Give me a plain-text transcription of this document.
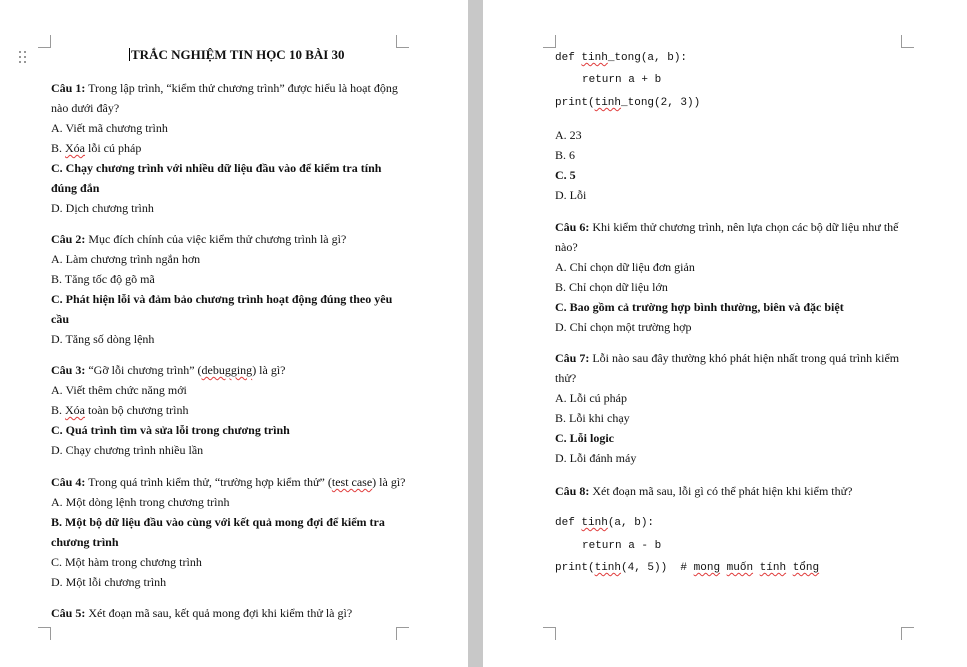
TRẮC NGHIỆM TIN HỌC 10 BÀI 30
Câu 1: Trong lập trình, “kiểm thử chương trình” được hiểu là hoạt động
nào dưới đây?
A. Viết mã chương trình
B. Xóa lỗi cú pháp
C. Chạy chương trình với nhiều dữ liệu đầu vào để kiểm tra tính
đúng đắn
D. Dịch chương trình
Câu 2: Mục đích chính của việc kiểm thử chương trình là gì?
A. Làm chương trình ngắn hơn
B. Tăng tốc độ gõ mã
C. Phát hiện lỗi và đảm bảo chương trình hoạt động đúng theo yêu
cầu
D. Tăng số dòng lệnh
Câu 3: “Gỡ lỗi chương trình” (debugging) là gì?
A. Viết thêm chức năng mới
B. Xóa toàn bộ chương trình
C. Quá trình tìm và sửa lỗi trong chương trình
D. Chạy chương trình nhiều lần
Câu 4: Trong quá trình kiểm thử, “trường hợp kiểm thử” (test case) là gì?
A. Một dòng lệnh trong chương trình
B. Một bộ dữ liệu đầu vào cùng với kết quả mong đợi để kiểm tra
chương trình
C. Một hàm trong chương trình
D. Một lỗi chương trình
Câu 5: Xét đoạn mã sau, kết quả mong đợi khi kiểm thử là gì?
def tinh_tong(a, b):
return a + b
print(tinh_tong(2, 3))
A. 23
B. 6
C. 5
D. Lỗi
Câu 6: Khi kiểm thử chương trình, nên lựa chọn các bộ dữ liệu như thế
nào?
A. Chỉ chọn dữ liệu đơn giản
B. Chỉ chọn dữ liệu lớn
C. Bao gồm cả trường hợp bình thường, biên và đặc biệt
D. Chỉ chọn một trường hợp
Câu 7: Lỗi nào sau đây thường khó phát hiện nhất trong quá trình kiểm
thử?
A. Lỗi cú pháp
B. Lỗi khi chạy
C. Lỗi logic
D. Lỗi đánh máy
Câu 8: Xét đoạn mã sau, lỗi gì có thể phát hiện khi kiểm thử?
def tinh(a, b):
return a - b
print(tinh(4, 5))  # mong muốn tính tổng
